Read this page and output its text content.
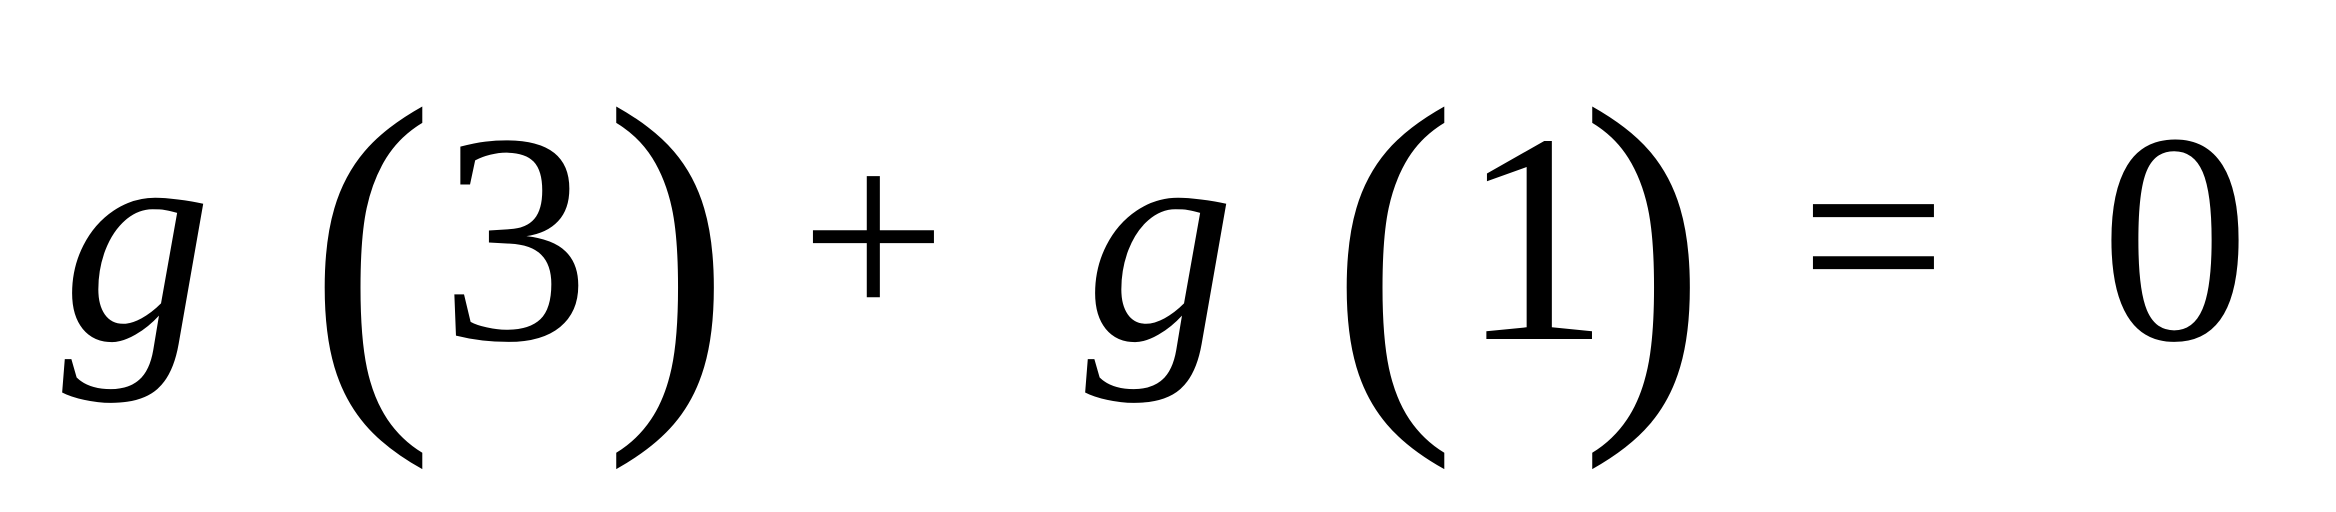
g ( 3 ) + g ( 1
) = 0
